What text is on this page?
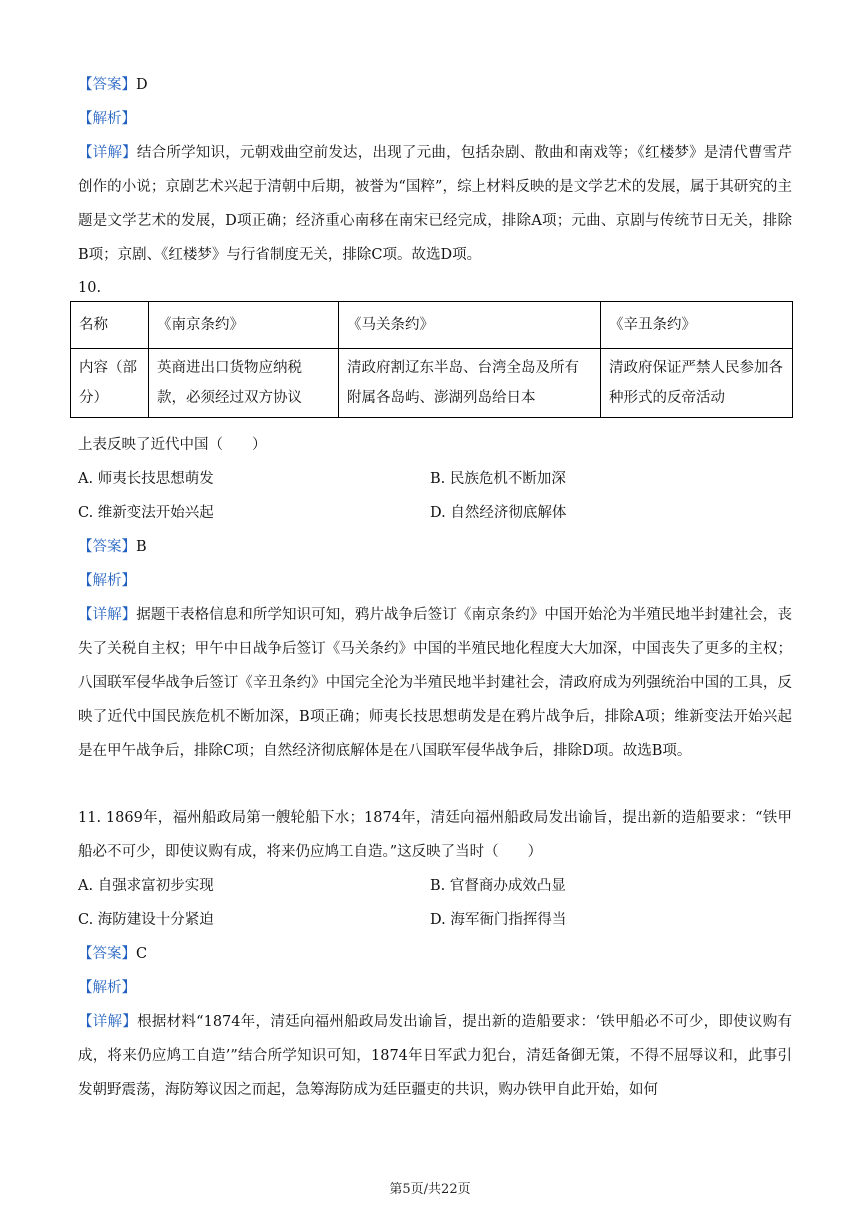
【答案】D
【解析】
【详解】结合所学知识，元朝戏曲空前发达，出现了元曲，包括杂剧、散曲和南戏等；《红楼梦》是清代曹雪芹创作的小说；京剧艺术兴起于清朝中后期，被誉为“国粹”，综上材料反映的是文学艺术的发展，属于其研究的主题是文学艺术的发展，D项正确；经济重心南移在南宋已经完成，排除A项；元曲、京剧与传统节日无关，排除B项；京剧、《红楼梦》与行省制度无关，排除C项。故选D项。
10.
名称	《南京条约》	《马关条约》	《辛丑条约》
内容（部分）	英商进出口货物应纳税款，必须经过双方协议	清政府割辽东半岛、台湾全岛及所有附属各岛屿、澎湖列岛给日本	清政府保证严禁人民参加各种形式的反帝活动
上表反映了近代中国（　　）
A. 师夷长技思想萌发	B. 民族危机不断加深
C. 维新变法开始兴起	D. 自然经济彻底解体
【答案】B
【解析】
【详解】据题干表格信息和所学知识可知，鸦片战争后签订《南京条约》中国开始沦为半殖民地半封建社会，丧失了关税自主权；甲午中日战争后签订《马关条约》中国的半殖民地化程度大大加深，中国丧失了更多的主权；八国联军侵华战争后签订《辛丑条约》中国完全沦为半殖民地半封建社会，清政府成为列强统治中国的工具，反映了近代中国民族危机不断加深，B项正确；师夷长技思想萌发是在鸦片战争后，排除A项；维新变法开始兴起是在甲午战争后，排除C项；自然经济彻底解体是在八国联军侵华战争后，排除D项。故选B项。
11. 1869年，福州船政局第一艘轮船下水；1874年，清廷向福州船政局发出谕旨，提出新的造船要求：“铁甲船必不可少，即使议购有成，将来仍应鸠工自造。”这反映了当时（　　）
A. 自强求富初步实现	B. 官督商办成效凸显
C. 海防建设十分紧迫	D. 海军衙门指挥得当
【答案】C
【解析】
【详解】根据材料“1874年，清廷向福州船政局发出谕旨，提出新的造船要求：‘铁甲船必不可少，即使议购有成，将来仍应鸠工自造’”结合所学知识可知，1874年日军武力犯台，清廷备御无策，不得不屈辱议和，此事引发朝野震荡，海防筹议因之而起，急筹海防成为廷臣疆吏的共识，购办铁甲自此开始，如何
第5页/共22页
